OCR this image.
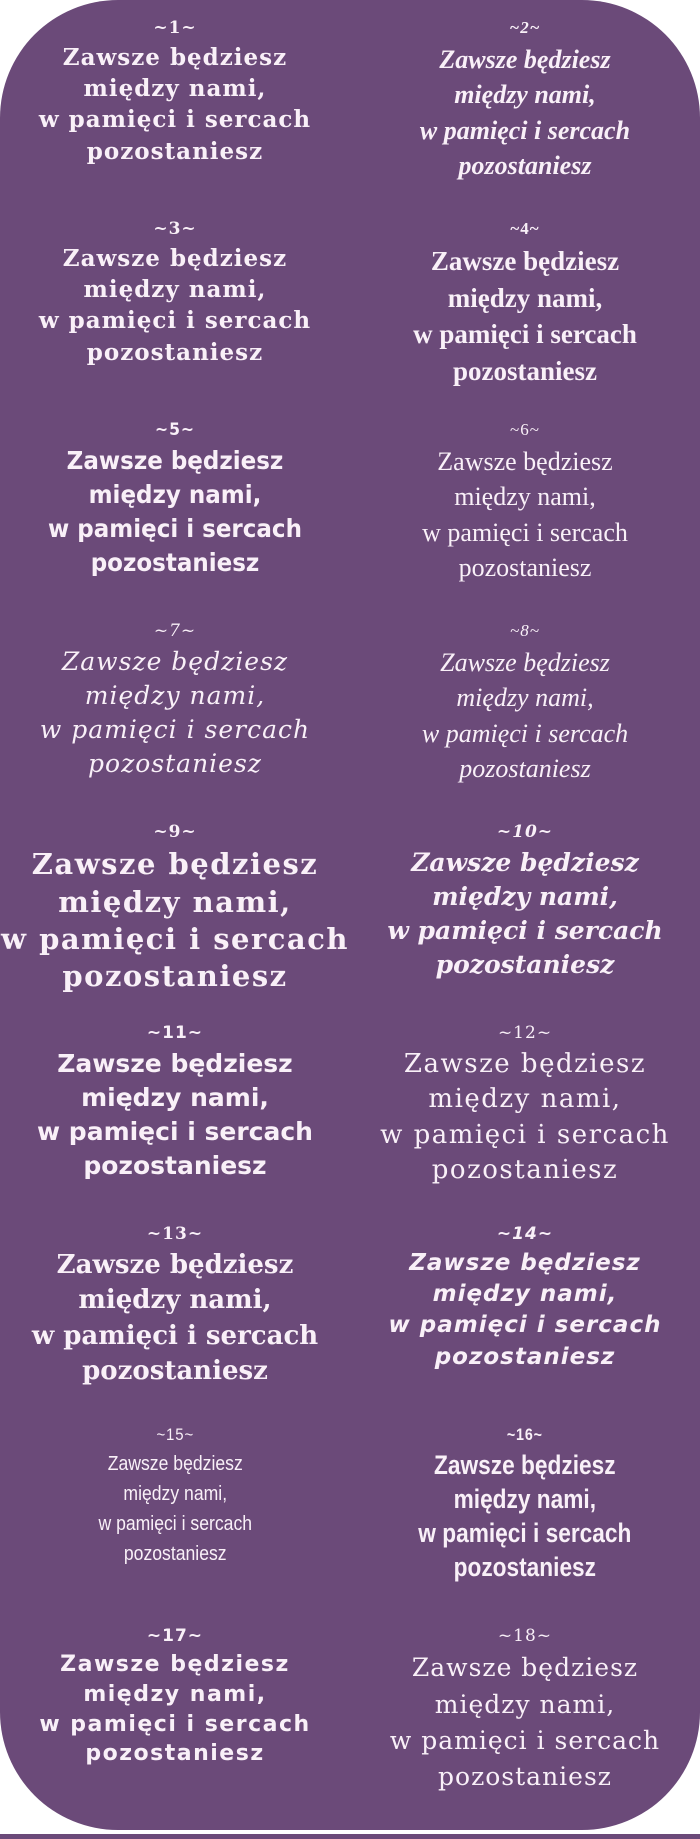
~1~
Zawsze będziesz
między nami,
w pamięci i sercach
pozostaniesz
~2~
Zawsze będziesz
między nami,
w pamięci i sercach
pozostaniesz
~3~
Zawsze będziesz
między nami,
w pamięci i sercach
pozostaniesz
~4~
Zawsze będziesz
między nami,
w pamięci i sercach
pozostaniesz
~5~
Zawsze będziesz
między nami,
w pamięci i sercach
pozostaniesz
~6~
Zawsze będziesz
między nami,
w pamięci i sercach
pozostaniesz
~7~
Zawsze będziesz
między nami,
w pamięci i sercach
pozostaniesz
~8~
Zawsze będziesz
między nami,
w pamięci i sercach
pozostaniesz
~9~
Zawsze będziesz
między nami,
w pamięci i sercach
pozostaniesz
~10~
Zawsze będziesz
między nami,
w pamięci i sercach
pozostaniesz
~11~
Zawsze będziesz
między nami,
w pamięci i sercach
pozostaniesz
~12~
Zawsze będziesz
między nami,
w pamięci i sercach
pozostaniesz
~13~
Zawsze będziesz
między nami,
w pamięci i sercach
pozostaniesz
~14~
Zawsze będziesz
między nami,
w pamięci i sercach
pozostaniesz
~15~
Zawsze będziesz
między nami,
w pamięci i sercach
pozostaniesz
~16~
Zawsze będziesz
między nami,
w pamięci i sercach
pozostaniesz
~17~
Zawsze będziesz
między nami,
w pamięci i sercach
pozostaniesz
~18~
Zawsze będziesz
między nami,
w pamięci i sercach
pozostaniesz
